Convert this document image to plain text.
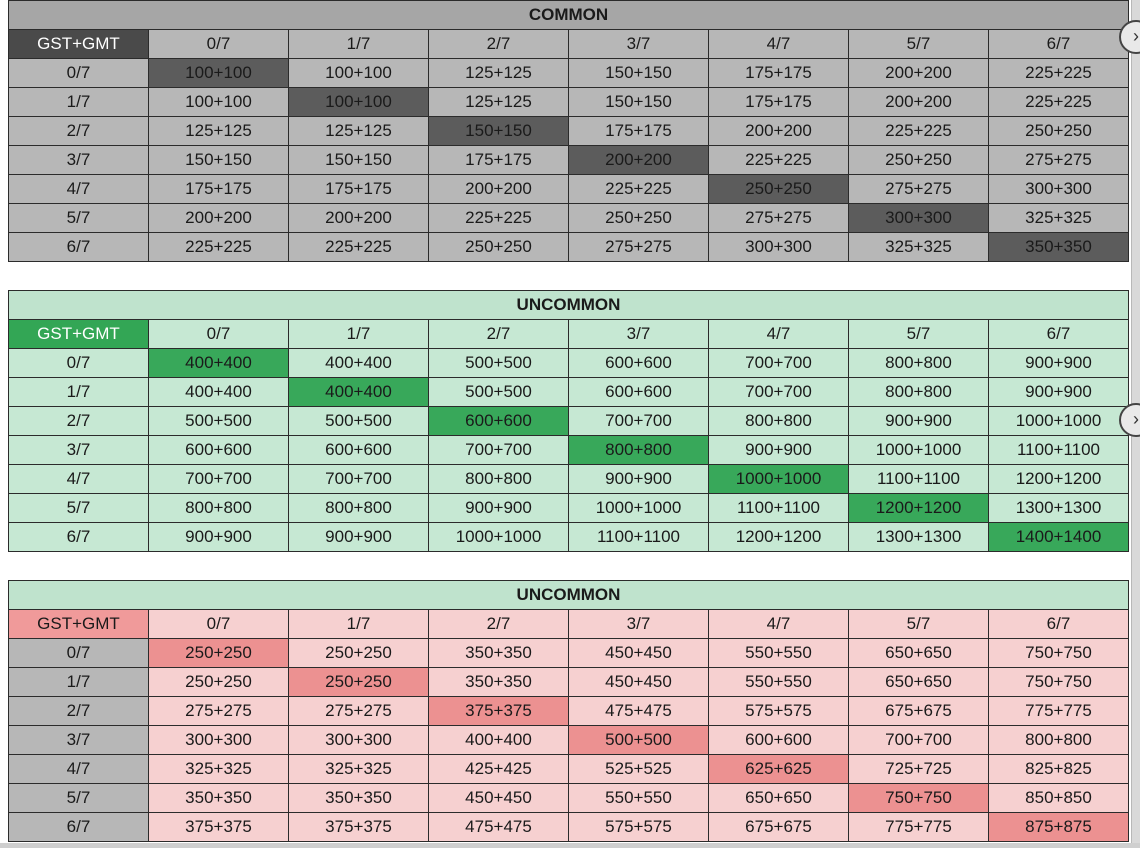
COMMON							
GST+GMT	0/7	1/7	2/7	3/7	4/7	5/7	6/7
0/7	100+100	100+100	125+125	150+150	175+175	200+200	225+225
1/7	100+100	100+100	125+125	150+150	175+175	200+200	225+225
2/7	125+125	125+125	150+150	175+175	200+200	225+225	250+250
3/7	150+150	150+150	175+175	200+200	225+225	250+250	275+275
4/7	175+175	175+175	200+200	225+225	250+250	275+275	300+300
5/7	200+200	200+200	225+225	250+250	275+275	300+300	325+325
6/7	225+225	225+225	250+250	275+275	300+300	325+325	350+350
UNCOMMON							
GST+GMT	0/7	1/7	2/7	3/7	4/7	5/7	6/7
0/7	400+400	400+400	500+500	600+600	700+700	800+800	900+900
1/7	400+400	400+400	500+500	600+600	700+700	800+800	900+900
2/7	500+500	500+500	600+600	700+700	800+800	900+900	1000+1000
3/7	600+600	600+600	700+700	800+800	900+900	1000+1000	1100+1100
4/7	700+700	700+700	800+800	900+900	1000+1000	1100+1100	1200+1200
5/7	800+800	800+800	900+900	1000+1000	1100+1100	1200+1200	1300+1300
6/7	900+900	900+900	1000+1000	1100+1100	1200+1200	1300+1300	1400+1400
UNCOMMON							
GST+GMT	0/7	1/7	2/7	3/7	4/7	5/7	6/7
0/7	250+250	250+250	350+350	450+450	550+550	650+650	750+750
1/7	250+250	250+250	350+350	450+450	550+550	650+650	750+750
2/7	275+275	275+275	375+375	475+475	575+575	675+675	775+775
3/7	300+300	300+300	400+400	500+500	600+600	700+700	800+800
4/7	325+325	325+325	425+425	525+525	625+625	725+725	825+825
5/7	350+350	350+350	450+450	550+550	650+650	750+750	850+850
6/7	375+375	375+375	475+475	575+575	675+675	775+775	875+875
›
›
